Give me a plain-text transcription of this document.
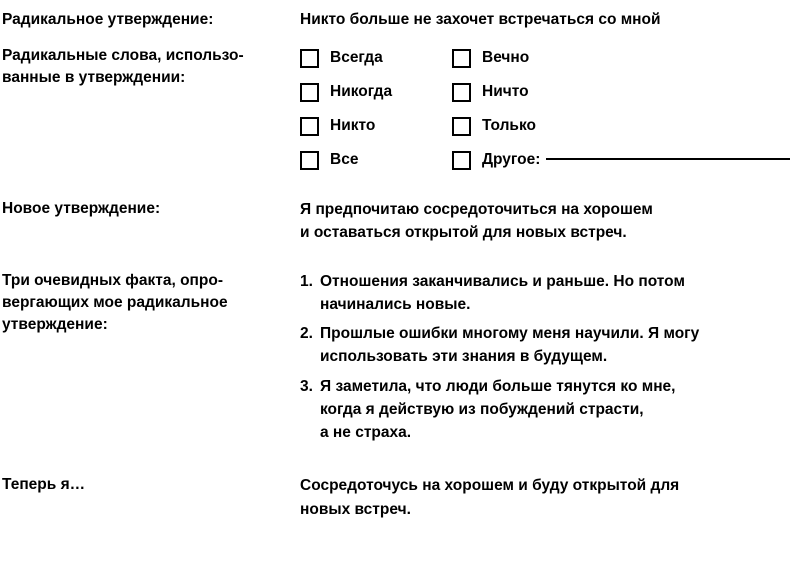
Радикальное утверждение:	Никто больше не захочет встречаться со мной
Радикальные слова, использо-
ванные в утверждении:
Всегда	Вечно
Никогда	Ничто
Никто	Только
Все	Другое:
Новое утверждение:	Я предпочитаю сосредоточиться на хорошем
и оставаться открытой для новых встреч.
Три очевидных факта, опро-
вергающих мое радикальное
утверждение:
1. Отношения заканчивались и раньше. Но потом
начинались новые.
2. Прошлые ошибки многому меня научили. Я могу
использовать эти знания в будущем.
3. Я заметила, что люди больше тянутся ко мне,
когда я действую из побуждений страсти,
а не страха.
Теперь я…	Сосредоточусь на хорошем и буду открытой для
новых встреч.
